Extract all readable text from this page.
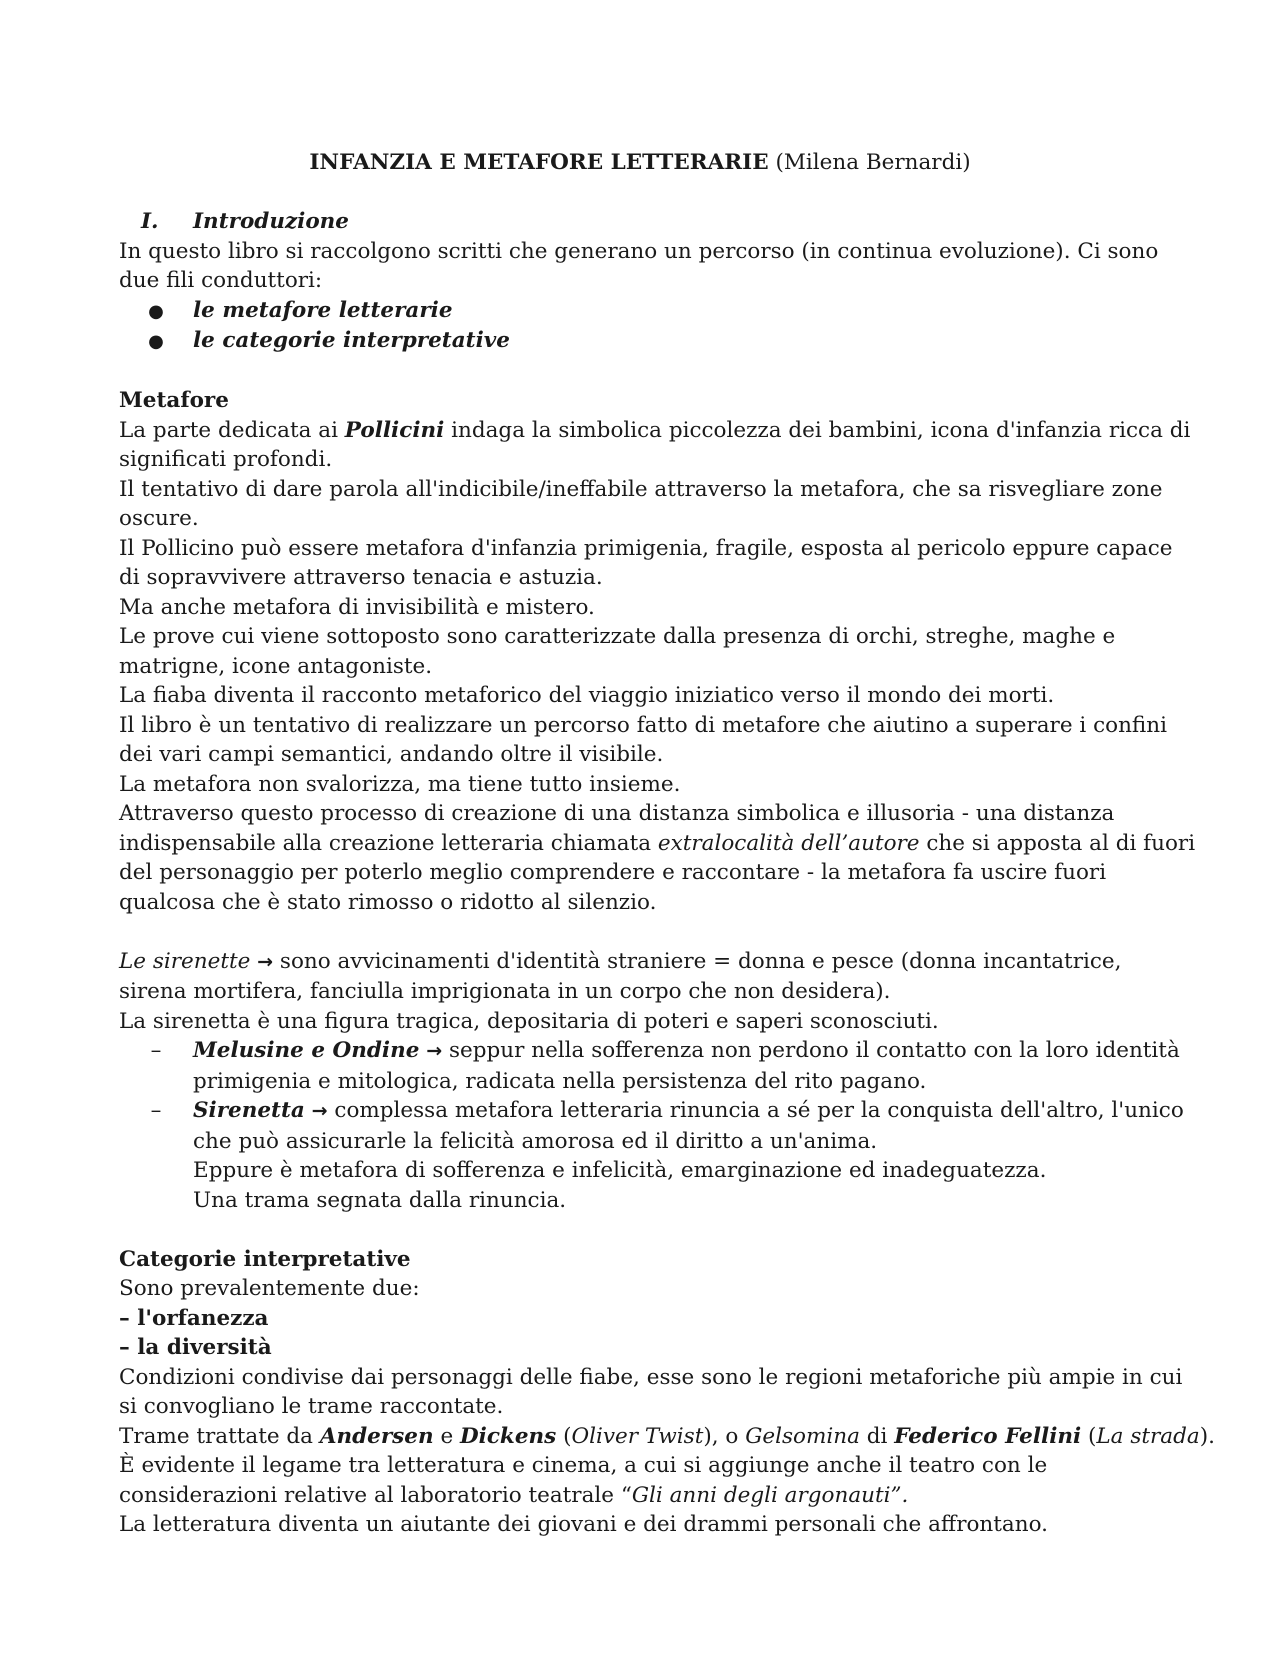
INFANZIA E METAFORE LETTERARIE (Milena Bernardi)
I. Introduzione
In questo libro si raccolgono scritti che generano un percorso (in continua evoluzione). Ci sono
due fili conduttori:
● le metafore letterarie
● le categorie interpretative
Metafore
La parte dedicata ai Pollicini indaga la simbolica piccolezza dei bambini, icona d'infanzia ricca di
significati profondi.
Il tentativo di dare parola all'indicibile/ineffabile attraverso la metafora, che sa risvegliare zone
oscure.
Il Pollicino può essere metafora d'infanzia primigenia, fragile, esposta al pericolo eppure capace
di sopravvivere attraverso tenacia e astuzia.
Ma anche metafora di invisibilità e mistero.
Le prove cui viene sottoposto sono caratterizzate dalla presenza di orchi, streghe, maghe e
matrigne, icone antagoniste.
La fiaba diventa il racconto metaforico del viaggio iniziatico verso il mondo dei morti.
Il libro è un tentativo di realizzare un percorso fatto di metafore che aiutino a superare i confini
dei vari campi semantici, andando oltre il visibile.
La metafora non svalorizza, ma tiene tutto insieme.
Attraverso questo processo di creazione di una distanza simbolica e illusoria - una distanza
indispensabile alla creazione letteraria chiamata extralocalità dell’autore che si apposta al di fuori
del personaggio per poterlo meglio comprendere e raccontare - la metafora fa uscire fuori
qualcosa che è stato rimosso o ridotto al silenzio.
Le sirenette → sono avvicinamenti d'identità straniere = donna e pesce (donna incantatrice,
sirena mortifera, fanciulla imprigionata in un corpo che non desidera).
La sirenetta è una figura tragica, depositaria di poteri e saperi sconosciuti.
– Melusine e Ondine → seppur nella sofferenza non perdono il contatto con la loro identità
primigenia e mitologica, radicata nella persistenza del rito pagano.
– Sirenetta → complessa metafora letteraria rinuncia a sé per la conquista dell'altro, l'unico
che può assicurarle la felicità amorosa ed il diritto a un'anima.
Eppure è metafora di sofferenza e infelicità, emarginazione ed inadeguatezza.
Una trama segnata dalla rinuncia.
Categorie interpretative
Sono prevalentemente due:
– l'orfanezza
– la diversità
Condizioni condivise dai personaggi delle fiabe, esse sono le regioni metaforiche più ampie in cui
si convogliano le trame raccontate.
Trame trattate da Andersen e Dickens (Oliver Twist), o Gelsomina di Federico Fellini (La strada).
È evidente il legame tra letteratura e cinema, a cui si aggiunge anche il teatro con le
considerazioni relative al laboratorio teatrale “Gli anni degli argonauti”.
La letteratura diventa un aiutante dei giovani e dei drammi personali che affrontano.
